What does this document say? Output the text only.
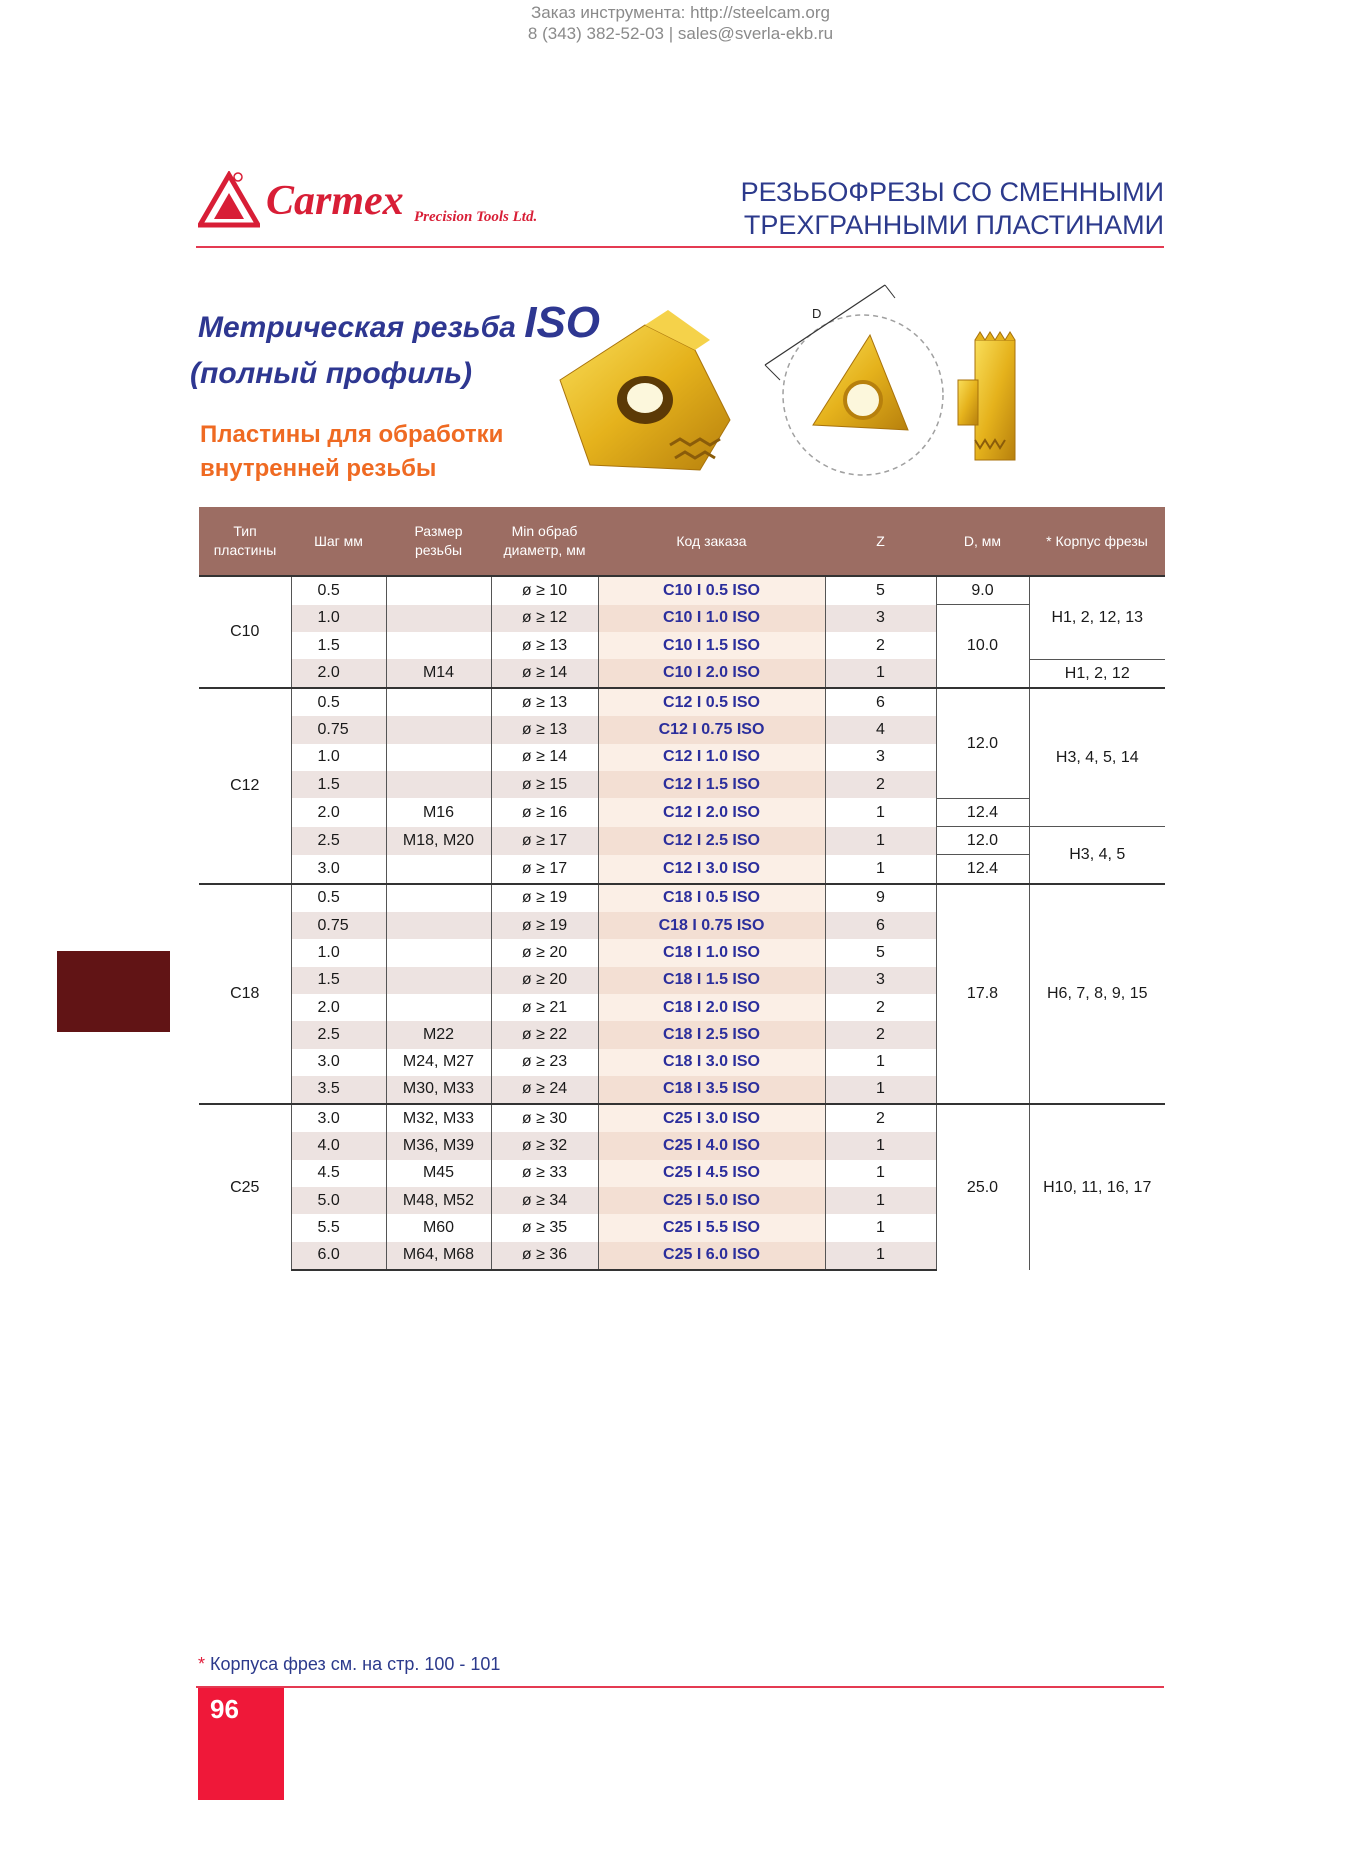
Заказ инструмента: http://steelcam.org
8 (343) 382-52-03 | sales@sverla-ekb.ru
Carmex Precision Tools Ltd.
РЕЗЬБОФРЕЗЫ СО СМЕННЫМИ
ТРЕХГРАННЫМИ ПЛАСТИНАМИ
Метрическая резьба ISO
(полный профиль)
Пластины для обработки
внутренней резьбы
D
Тип пластины	Шаг мм	Размер резьбы	Min обраб диаметр, мм	Код заказа	Z	D, мм	* Корпус фрезы
C10	0.5		ø ≥ 10	C10 I 0.5 ISO	5	9.0	H1, 2, 12, 13
	1.0		ø ≥ 12	C10 I 1.0 ISO	3	10.0	
	1.5		ø ≥ 13	C10 I 1.5 ISO	2		
	2.0	M14	ø ≥ 14	C10 I 2.0 ISO	1		H1, 2, 12
C12	0.5		ø ≥ 13	C12 I 0.5 ISO	6	12.0	H3, 4, 5, 14
	0.75		ø ≥ 13	C12 I 0.75 ISO	4		
	1.0		ø ≥ 14	C12 I 1.0 ISO	3		
	1.5		ø ≥ 15	C12 I 1.5 ISO	2		
	2.0	M16	ø ≥ 16	C12 I 2.0 ISO	1	12.4	
	2.5	M18, M20	ø ≥ 17	C12 I 2.5 ISO	1	12.0	H3, 4, 5
	3.0		ø ≥ 17	C12 I 3.0 ISO	1	12.4	
C18	0.5		ø ≥ 19	C18 I 0.5 ISO	9	17.8	H6, 7, 8, 9, 15
	0.75		ø ≥ 19	C18 I 0.75 ISO	6		
	1.0		ø ≥ 20	C18 I 1.0 ISO	5		
	1.5		ø ≥ 20	C18 I 1.5 ISO	3		
	2.0		ø ≥ 21	C18 I 2.0 ISO	2		
	2.5	M22	ø ≥ 22	C18 I 2.5 ISO	2		
	3.0	M24, M27	ø ≥ 23	C18 I 3.0 ISO	1		
	3.5	M30, M33	ø ≥ 24	C18 I 3.5 ISO	1		
C25	3.0	M32, M33	ø ≥ 30	C25 I 3.0 ISO	2	25.0	H10, 11, 16, 17
	4.0	M36, M39	ø ≥ 32	C25 I 4.0 ISO	1		
	4.5	M45	ø ≥ 33	C25 I 4.5 ISO	1		
	5.0	M48, M52	ø ≥ 34	C25 I 5.0 ISO	1		
	5.5	M60	ø ≥ 35	C25 I 5.5 ISO	1		
	6.0	M64, M68	ø ≥ 36	C25 I 6.0 ISO	1		
* Корпуса фрез см. на стр. 100 - 101
96
